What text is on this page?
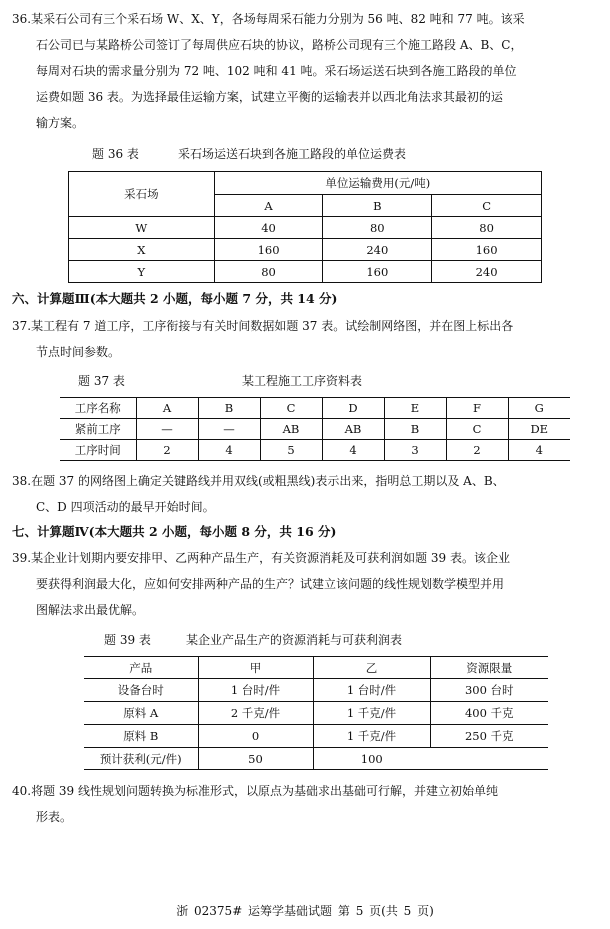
36.某采石公司有三个采石场 W、X、Y，各场每周采石能力分别为 56 吨、82 吨和 77 吨。该采

石公司已与某路桥公司签订了每周供应石块的协议，路桥公司现有三个施工路段 A、B、C，

每周对石块的需求量分别为 72 吨、102 吨和 41 吨。采石场运送石块到各施工路段的单位

运费如题 36 表。为选择最佳运输方案，试建立平衡的运输表并以西北角法求其最初的运

输方案。

题 36 表	采石场运送石块到各施工路段的单位运费表
采石场	单位运输费用(元/吨)		
	A	B	C
W	40	80	80
X	160	240	160
Y	80	160	240
六、计算题Ⅲ(本大题共 2 小题，每小题 7 分，共 14 分)

37.某工程有 7 道工序，工序衔接与有关时间数据如题 37 表。试绘制网络图，并在图上标出各

节点时间参数。

题 37 表	某工程施工工序资料表
工序名称	A	B	C	D	E	F	G
紧前工序	—	—	AB	AB	B	C	DE
工序时间	2	4	5	4	3	2	4

38.在题 37 的网络图上确定关键路线并用双线(或粗黑线)表示出来，指明总工期以及 A、B、

C、D 四项活动的最早开始时间。

七、计算题Ⅳ(本大题共 2 小题，每小题 8 分，共 16 分)

39.某企业计划期内要安排甲、乙两种产品生产，有关资源消耗及可获利润如题 39 表。该企业

要获得利润最大化，应如何安排两种产品的生产？试建立该问题的线性规划数学模型并用

图解法求出最优解。

题 39 表	某企业产品生产的资源消耗与可获利润表
产品	甲	乙	资源限量
设备台时	1 台时/件	1 台时/件	300 台时
原料 A	2 千克/件	1 千克/件	400 千克
原料 B	0	1 千克/件	250 千克
预计获利(元/件)	50	100	

40.将题 39 线性规划问题转换为标准形式，以原点为基础求出基础可行解，并建立初始单纯

形表。

浙 02375# 运筹学基础试题 第 5 页(共 5 页)
